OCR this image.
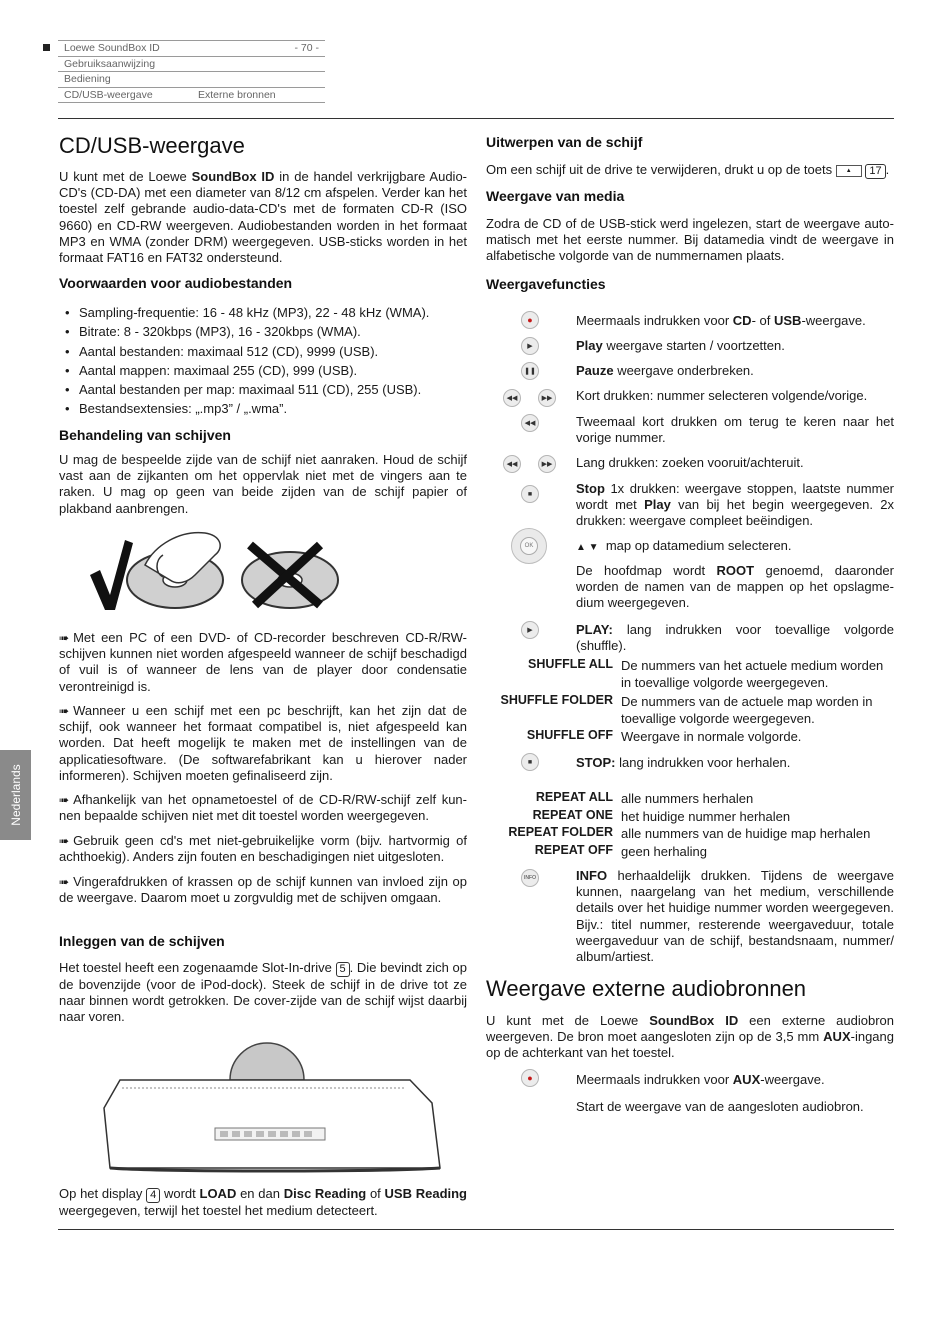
Loewe SoundBox ID	- 70 -
Gebruiksaanwijzing
Bediening
CD/USB-weergave	Externe bronnen
Nederlands
CD/USB-weergave
U kunt met de Loewe SoundBox ID in de handel verkrijgbare Audio-CD's (CD-DA) met een diameter van 8/12 cm afspelen. Verder kan het toestel zelf gebrande audio-data-CD's met de formaten CD-R (ISO 9660) en CD-RW weergeven. Audiobestanden worden in het formaat MP3 en WMA (zonder DRM) weergegeven. USB-sticks worden in het formaat FAT16 en FAT32 ondersteund.
Voorwaarden voor audiobestanden
• Sampling-frequentie: 16 - 48 kHz (MP3), 22 - 48 kHz (WMA).
• Bitrate: 8 - 320kbps (MP3), 16 - 320kbps (WMA).
• Aantal bestanden: maximaal 512 (CD), 9999 (USB).
• Aantal mappen: maximaal 255 (CD), 999 (USB).
• Aantal bestanden per map: maximaal 511 (CD), 255 (USB).
• Bestandsextensies: „.mp3” / „.wma”.
Behandeling van schijven
U mag de bespeelde zijde van de schijf niet aanraken. Houd de schijf vast aan de zijkanten om het oppervlak niet met de vingers aan te raken. U mag op geen van beide zijden van de schijf papier of plakband aanbrengen.
➠ Met een PC of een DVD- of CD-recorder beschreven CD-R/RW-schijven kunnen niet worden afgespeeld wanneer de schijf beschadigd of vuil is of wanneer de lens van de player door condensatie verontreinigd is.
➠ Wanneer u een schijf met een pc beschrijft, kan het zijn dat de schijf, ook wanneer het formaat compatibel is, niet afgespeeld kan worden. Dat heeft mogelijk te maken met de instellingen van de applicatiesoftware. (De softwarefabrikant kan u hierover nader informeren). Schijven moeten gefinaliseerd zijn.
➠ Afhankelijk van het opnametoestel of de CD-R/RW-schijf zelf kunnen bepaalde schijven niet met dit toestel worden weergegeven.
➠ Gebruik geen cd's met niet-gebruikelijke vorm (bijv. hartvormig of achthoekig). Anders zijn fouten en beschadigingen niet uitgesloten.
➠ Vingerafdrukken of krassen op de schijf kunnen van invloed zijn op de weergave. Daarom moet u zorgvuldig met de schijven omgaan.
Inleggen van de schijven
Het toestel heeft een zogenaamde Slot-In-drive 5 . Die bevindt zich op de bovenzijde (voor de iPod-dock). Steek de schijf in de drive tot ze naar binnen wordt getrokken. De cover-zijde van de schijf wijst daarbij naar voren.
Op het display 4 wordt LOAD en dan Disc Reading of USB Reading weergegeven, terwijl het toestel het medium detecteert.
Uitwerpen van de schijf
Om een schijf uit de drive te verwijderen, drukt u op de toets ▲ 17 .
Weergave van media
Zodra de CD of de USB-stick werd ingelezen, start de weergave automatisch met het eerste nummer. Bij datamedia vindt de weergave in alfabetische volgorde van de nummernamen plaats.
Weergavefuncties
●	Meermaals indrukken voor CD- of USB-weergave.
▶	Play weergave starten / voortzetten.
❚❚	Pauze weergave onderbreken.
◀◀	▶▶ Kort drukken: nummer selecteren volgende/vorige.
◀◀	Tweemaal kort drukken om terug te keren naar het vorige nummer.
◀◀	▶▶ Lang drukken: zoeken vooruit/achteruit.
■	Stop 1x drukken: weergave stoppen, laatste nummer wordt met Play van bij het begin weergegeven. 2x drukken: weergave compleet beëindigen.
OK	▲ ▼ map op datamedium selecteren.
De hoofdmap wordt ROOT genoemd, daaronder worden de namen van de mappen op het opslagmedium weergegeven.
▶	PLAY: lang indrukken voor toevallige volgorde (shuffle).
SHUFFLE ALL De nummers van het actuele medium worden in toevallige volgorde weergegeven.
SHUFFLE FOLDER De nummers van de actuele map worden in toevallige volgorde weergegeven.
SHUFFLE OFF Weergave in normale volgorde.
■	STOP: lang indrukken voor herhalen.
REPEAT ALL alle nummers herhalen
REPEAT ONE het huidige nummer herhalen
REPEAT FOLDER alle nummers van de huidige map herhalen
REPEAT OFF geen herhaling
INFO	INFO herhaaldelijk drukken. Tijdens de weergave kunnen, naargelang van het medium, verschillende details over het huidige nummer worden weergegeven. Bijv.: titel nummer, resterende weergaveduur, totale weergaveduur van de schijf, bestandsnaam, nummer/ album/artiest.
Weergave externe audiobronnen
U kunt met de Loewe SoundBox ID een externe audiobron weergeven. De bron moet aangesloten zijn op de 3,5 mm AUX-ingang op de achterkant van het toestel.
●	Meermaals indrukken voor AUX-weergave.
Start de weergave van de aangesloten audiobron.
